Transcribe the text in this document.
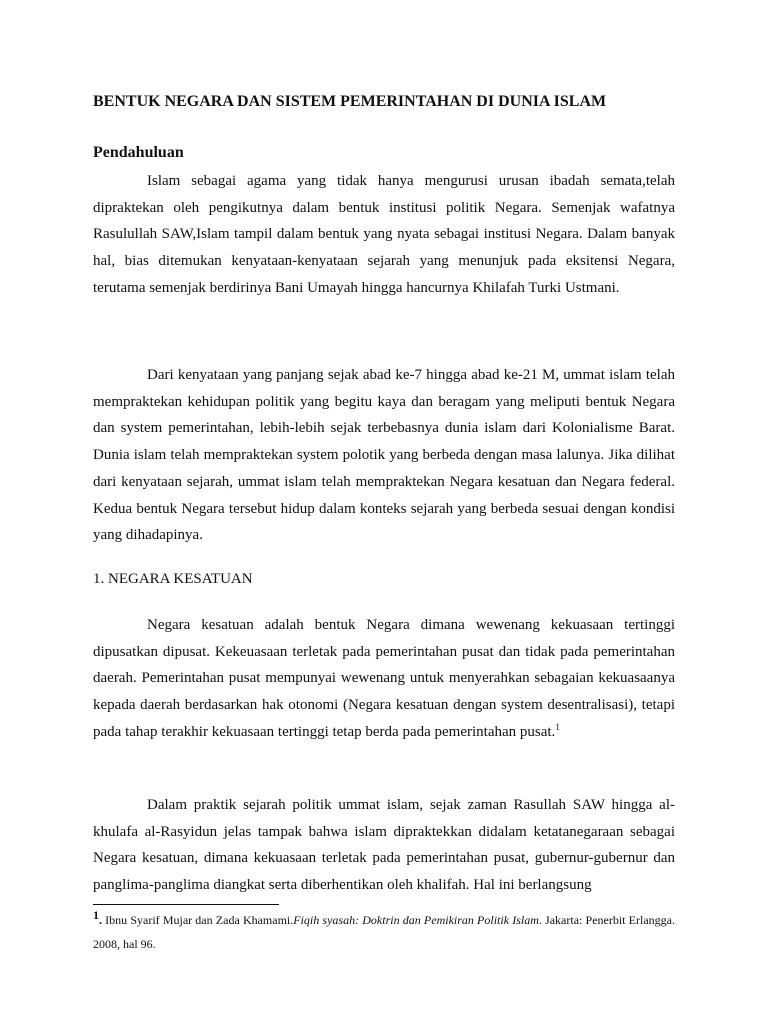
BENTUK NEGARA DAN SISTEM PEMERINTAHAN DI DUNIA ISLAM
Pendahuluan

Islam sebagai agama yang tidak hanya mengurusi urusan ibadah semata,telah dipraktekan oleh pengikutnya dalam bentuk institusi politik Negara. Semenjak wafatnya Rasulullah SAW,Islam tampil dalam bentuk yang nyata sebagai institusi Negara. Dalam banyak hal, bias ditemukan kenyataan-kenyataan sejarah yang menunjuk pada eksitensi Negara, terutama semenjak berdirinya Bani Umayah hingga hancurnya Khilafah Turki Ustmani.

Dari kenyataan yang panjang sejak abad ke-7 hingga abad ke-21 M, ummat islam telah mempraktekan kehidupan politik yang begitu kaya dan beragam yang meliputi bentuk Negara dan system pemerintahan, lebih-lebih sejak terbebasnya dunia islam dari Kolonialisme Barat. Dunia islam telah mempraktekan system polotik yang berbeda dengan masa lalunya. Jika dilihat dari kenyataan sejarah, ummat islam telah mempraktekan Negara kesatuan dan Negara federal. Kedua bentuk Negara tersebut hidup dalam konteks sejarah yang berbeda sesuai dengan kondisi yang dihadapinya.

1. NEGARA KESATUAN

Negara kesatuan adalah bentuk Negara dimana wewenang kekuasaan tertinggi dipusatkan dipusat. Kekeuasaan terletak pada pemerintahan pusat dan tidak pada pemerintahan daerah. Pemerintahan pusat mempunyai wewenang untuk menyerahkan sebagaian kekuasaanya kepada daerah berdasarkan hak otonomi (Negara kesatuan dengan system desentralisasi), tetapi pada tahap terakhir kekuasaan tertinggi tetap berda pada pemerintahan pusat.$^1$

Dalam praktik sejarah politik ummat islam, sejak zaman Rasullah SAW hingga al-khulafa al-Rasyidun jelas tampak bahwa islam dipraktekkan didalam ketatanegaraan sebagai Negara kesatuan, dimana kekuasaan terletak pada pemerintahan pusat, gubernur-gubernur dan panglima-panglima diangkat serta diberhentikan oleh khalifah. Hal ini berlangsung

1. Ibnu Syarif Mujar dan Zada Khamami.Fiqih syasah: Doktrin dan Pemikiran Politik Islam. Jakarta: Penerbit Erlangga. 2008, hal 96.
